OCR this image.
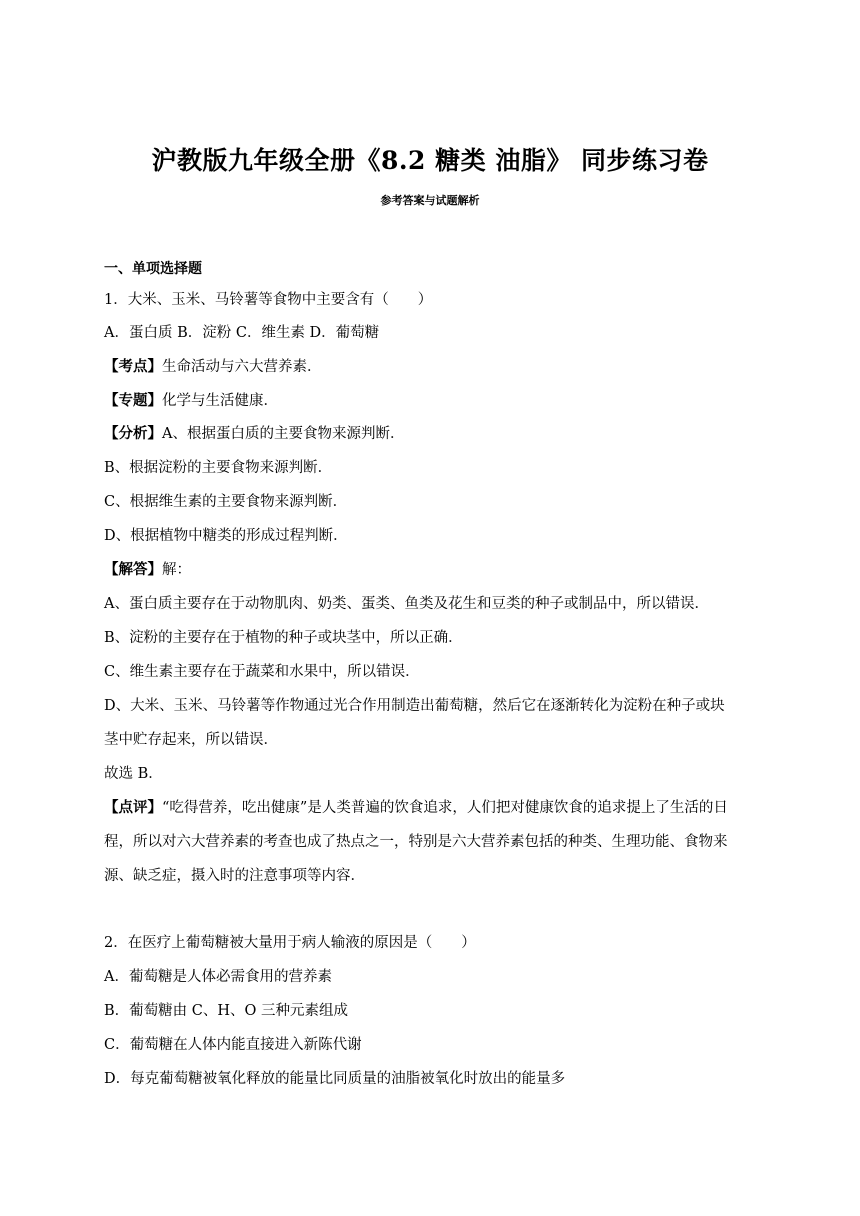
沪教版九年级全册《8.2 糖类 油脂》 同步练习卷
参考答案与试题解析
一、单项选择题
1．大米、玉米、马铃薯等食物中主要含有（　　）
A．蛋白质 B．淀粉 C．维生素 D．葡萄糖
【考点】生命活动与六大营养素．
【专题】化学与生活健康．
【分析】A、根据蛋白质的主要食物来源判断．
B、根据淀粉的主要食物来源判断．
C、根据维生素的主要食物来源判断．
D、根据植物中糖类的形成过程判断．
【解答】解：
A、蛋白质主要存在于动物肌肉、奶类、蛋类、鱼类及花生和豆类的种子或制品中，所以错误．
B、淀粉的主要存在于植物的种子或块茎中，所以正确．
C、维生素主要存在于蔬菜和水果中，所以错误．
D、大米、玉米、马铃薯等作物通过光合作用制造出葡萄糖，然后它在逐渐转化为淀粉在种子或块
茎中贮存起来，所以错误．
故选 B．
【点评】“吃得营养，吃出健康”是人类普遍的饮食追求，人们把对健康饮食的追求提上了生活的日
程，所以对六大营养素的考查也成了热点之一，特别是六大营养素包括的种类、生理功能、食物来
源、缺乏症，摄入时的注意事项等内容．
2．在医疗上葡萄糖被大量用于病人输液的原因是（　　）
A．葡萄糖是人体必需食用的营养素
B．葡萄糖由 C、H、O 三种元素组成
C．葡萄糖在人体内能直接进入新陈代谢
D．每克葡萄糖被氧化释放的能量比同质量的油脂被氧化时放出的能量多
